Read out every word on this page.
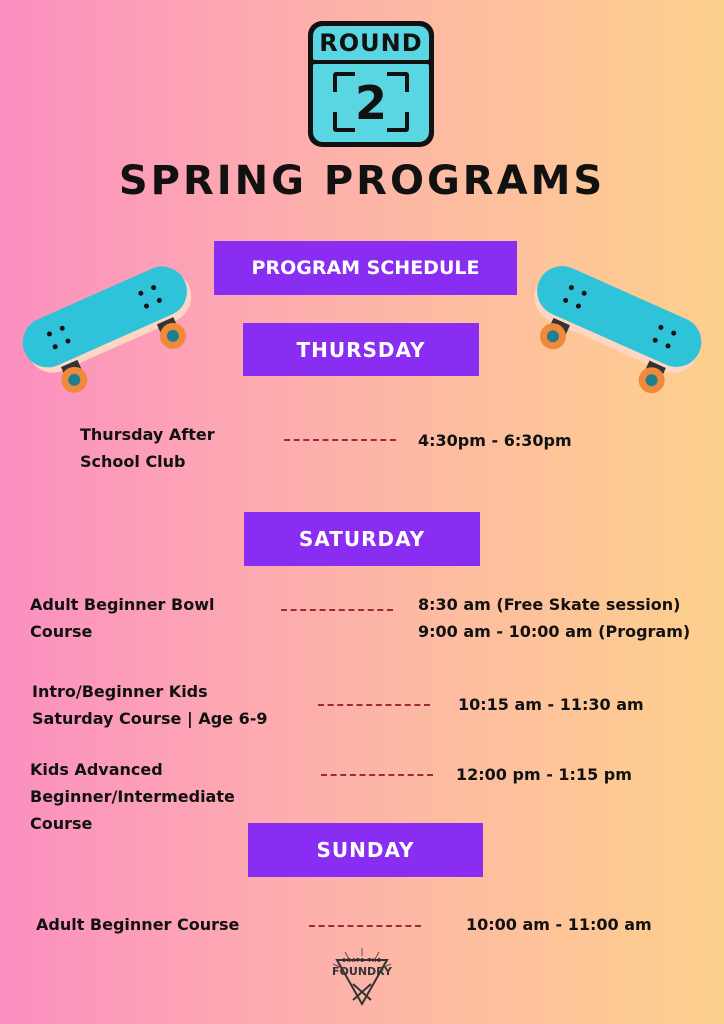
ROUND
2
SPRING PROGRAMS
PROGRAM SCHEDULE
THURSDAY
Thursday After
School Club
4:30pm - 6:30pm
SATURDAY
Adult Beginner Bowl
Course
8:30 am (Free Skate session)
9:00 am - 10:00 am (Program)
Intro/Beginner Kids
Saturday Course | Age 6-9
10:15 am - 11:30 am
Kids Advanced
Beginner/Intermediate
Course
12:00 pm - 1:15 pm
SUNDAY
Adult Beginner Course	10:00 am - 11:00 am
SKATE THE
FOUNDRY
